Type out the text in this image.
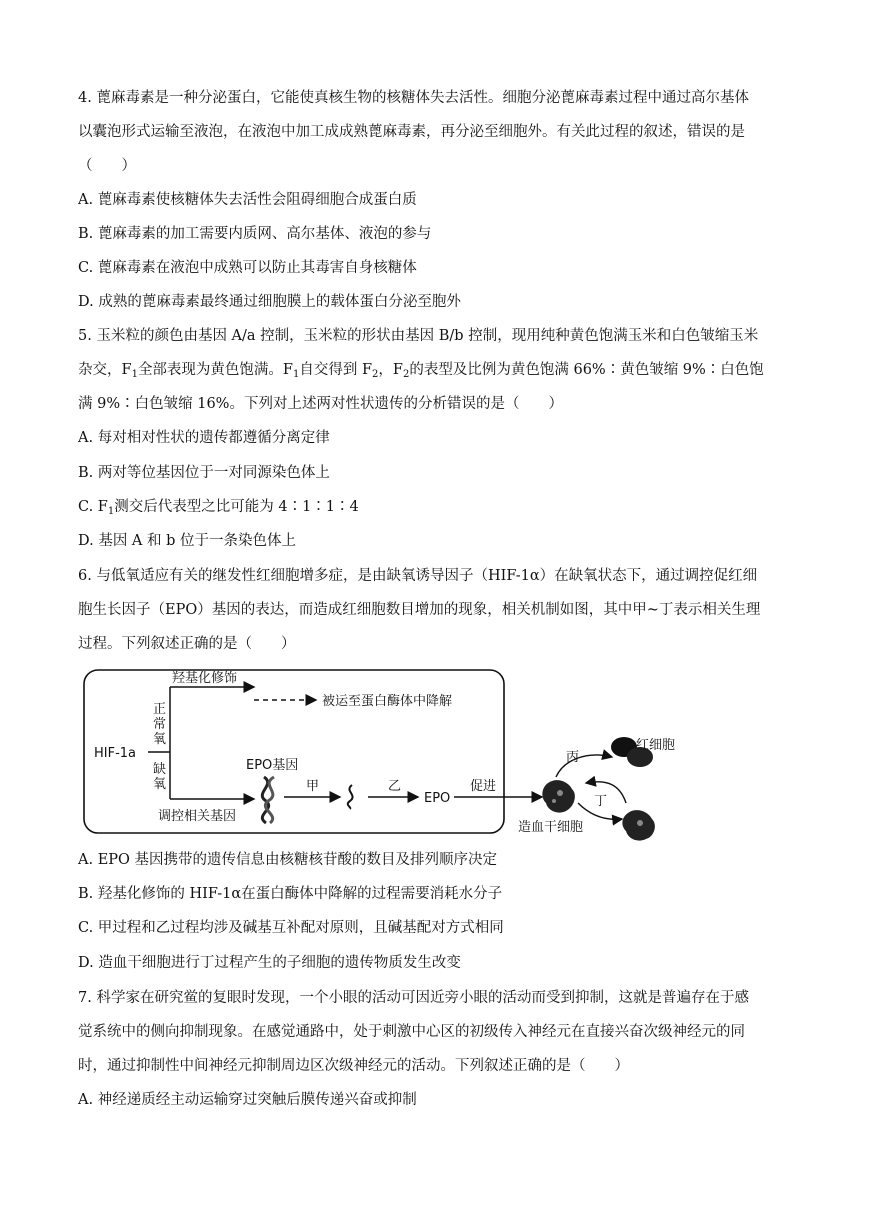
4. 蓖麻毒素是一种分泌蛋白，它能使真核生物的核糖体失去活性。细胞分泌蓖麻毒素过程中通过高尔基体
以囊泡形式运输至液泡，在液泡中加工成成熟蓖麻毒素，再分泌至细胞外。有关此过程的叙述，错误的是
（　　）
A. 蓖麻毒素使核糖体失去活性会阻碍细胞合成蛋白质
B. 蓖麻毒素的加工需要内质网、高尔基体、液泡的参与
C. 蓖麻毒素在液泡中成熟可以防止其毒害自身核糖体
D. 成熟的蓖麻毒素最终通过细胞膜上的载体蛋白分泌至胞外
5. 玉米粒的颜色由基因 A/a 控制，玉米粒的形状由基因 B/b 控制，现用纯种黄色饱满玉米和白色皱缩玉米
杂交，$F_1$全部表现为黄色饱满。$F_1$自交得到 $F_2$，$F_2$的表型及比例为黄色饱满 66%∶黄色皱缩 9%∶白色饱
满 9%∶白色皱缩 16%。下列对上述两对性状遗传的分析错误的是（　　）
A. 每对相对性状的遗传都遵循分离定律
B. 两对等位基因位于一对同源染色体上
C. $F_1$测交后代表型之比可能为 4∶1∶1∶4
D. 基因 A 和 b 位于一条染色体上
6. 与低氧适应有关的继发性红细胞增多症，是由缺氧诱导因子（HIF-1α）在缺氧状态下，通过调控促红细
胞生长因子（EPO）基因的表达，而造成红细胞数目增加的现象，相关机制如图，其中甲~丁表示相关生理
过程。下列叙述正确的是（　　）
HIF-1a
正
常
氧
缺
氧
羟基化修饰
被运至蛋白酶体中降解
调控相关基因
EPO基因
甲	乙
EPO
促进
造血干细胞
丙
红细胞
丁
A. EPO 基因携带的遗传信息由核糖核苷酸的数目及排列顺序决定
B. 羟基化修饰的 HIF-1α在蛋白酶体中降解的过程需要消耗水分子
C. 甲过程和乙过程均涉及碱基互补配对原则，且碱基配对方式相同
D. 造血干细胞进行丁过程产生的子细胞的遗传物质发生改变
7. 科学家在研究鲎的复眼时发现，一个小眼的活动可因近旁小眼的活动而受到抑制，这就是普遍存在于感
觉系统中的侧向抑制现象。在感觉通路中，处于刺激中心区的初级传入神经元在直接兴奋次级神经元的同
时，通过抑制性中间神经元抑制周边区次级神经元的活动。下列叙述正确的是（　　）
A. 神经递质经主动运输穿过突触后膜传递兴奋或抑制
